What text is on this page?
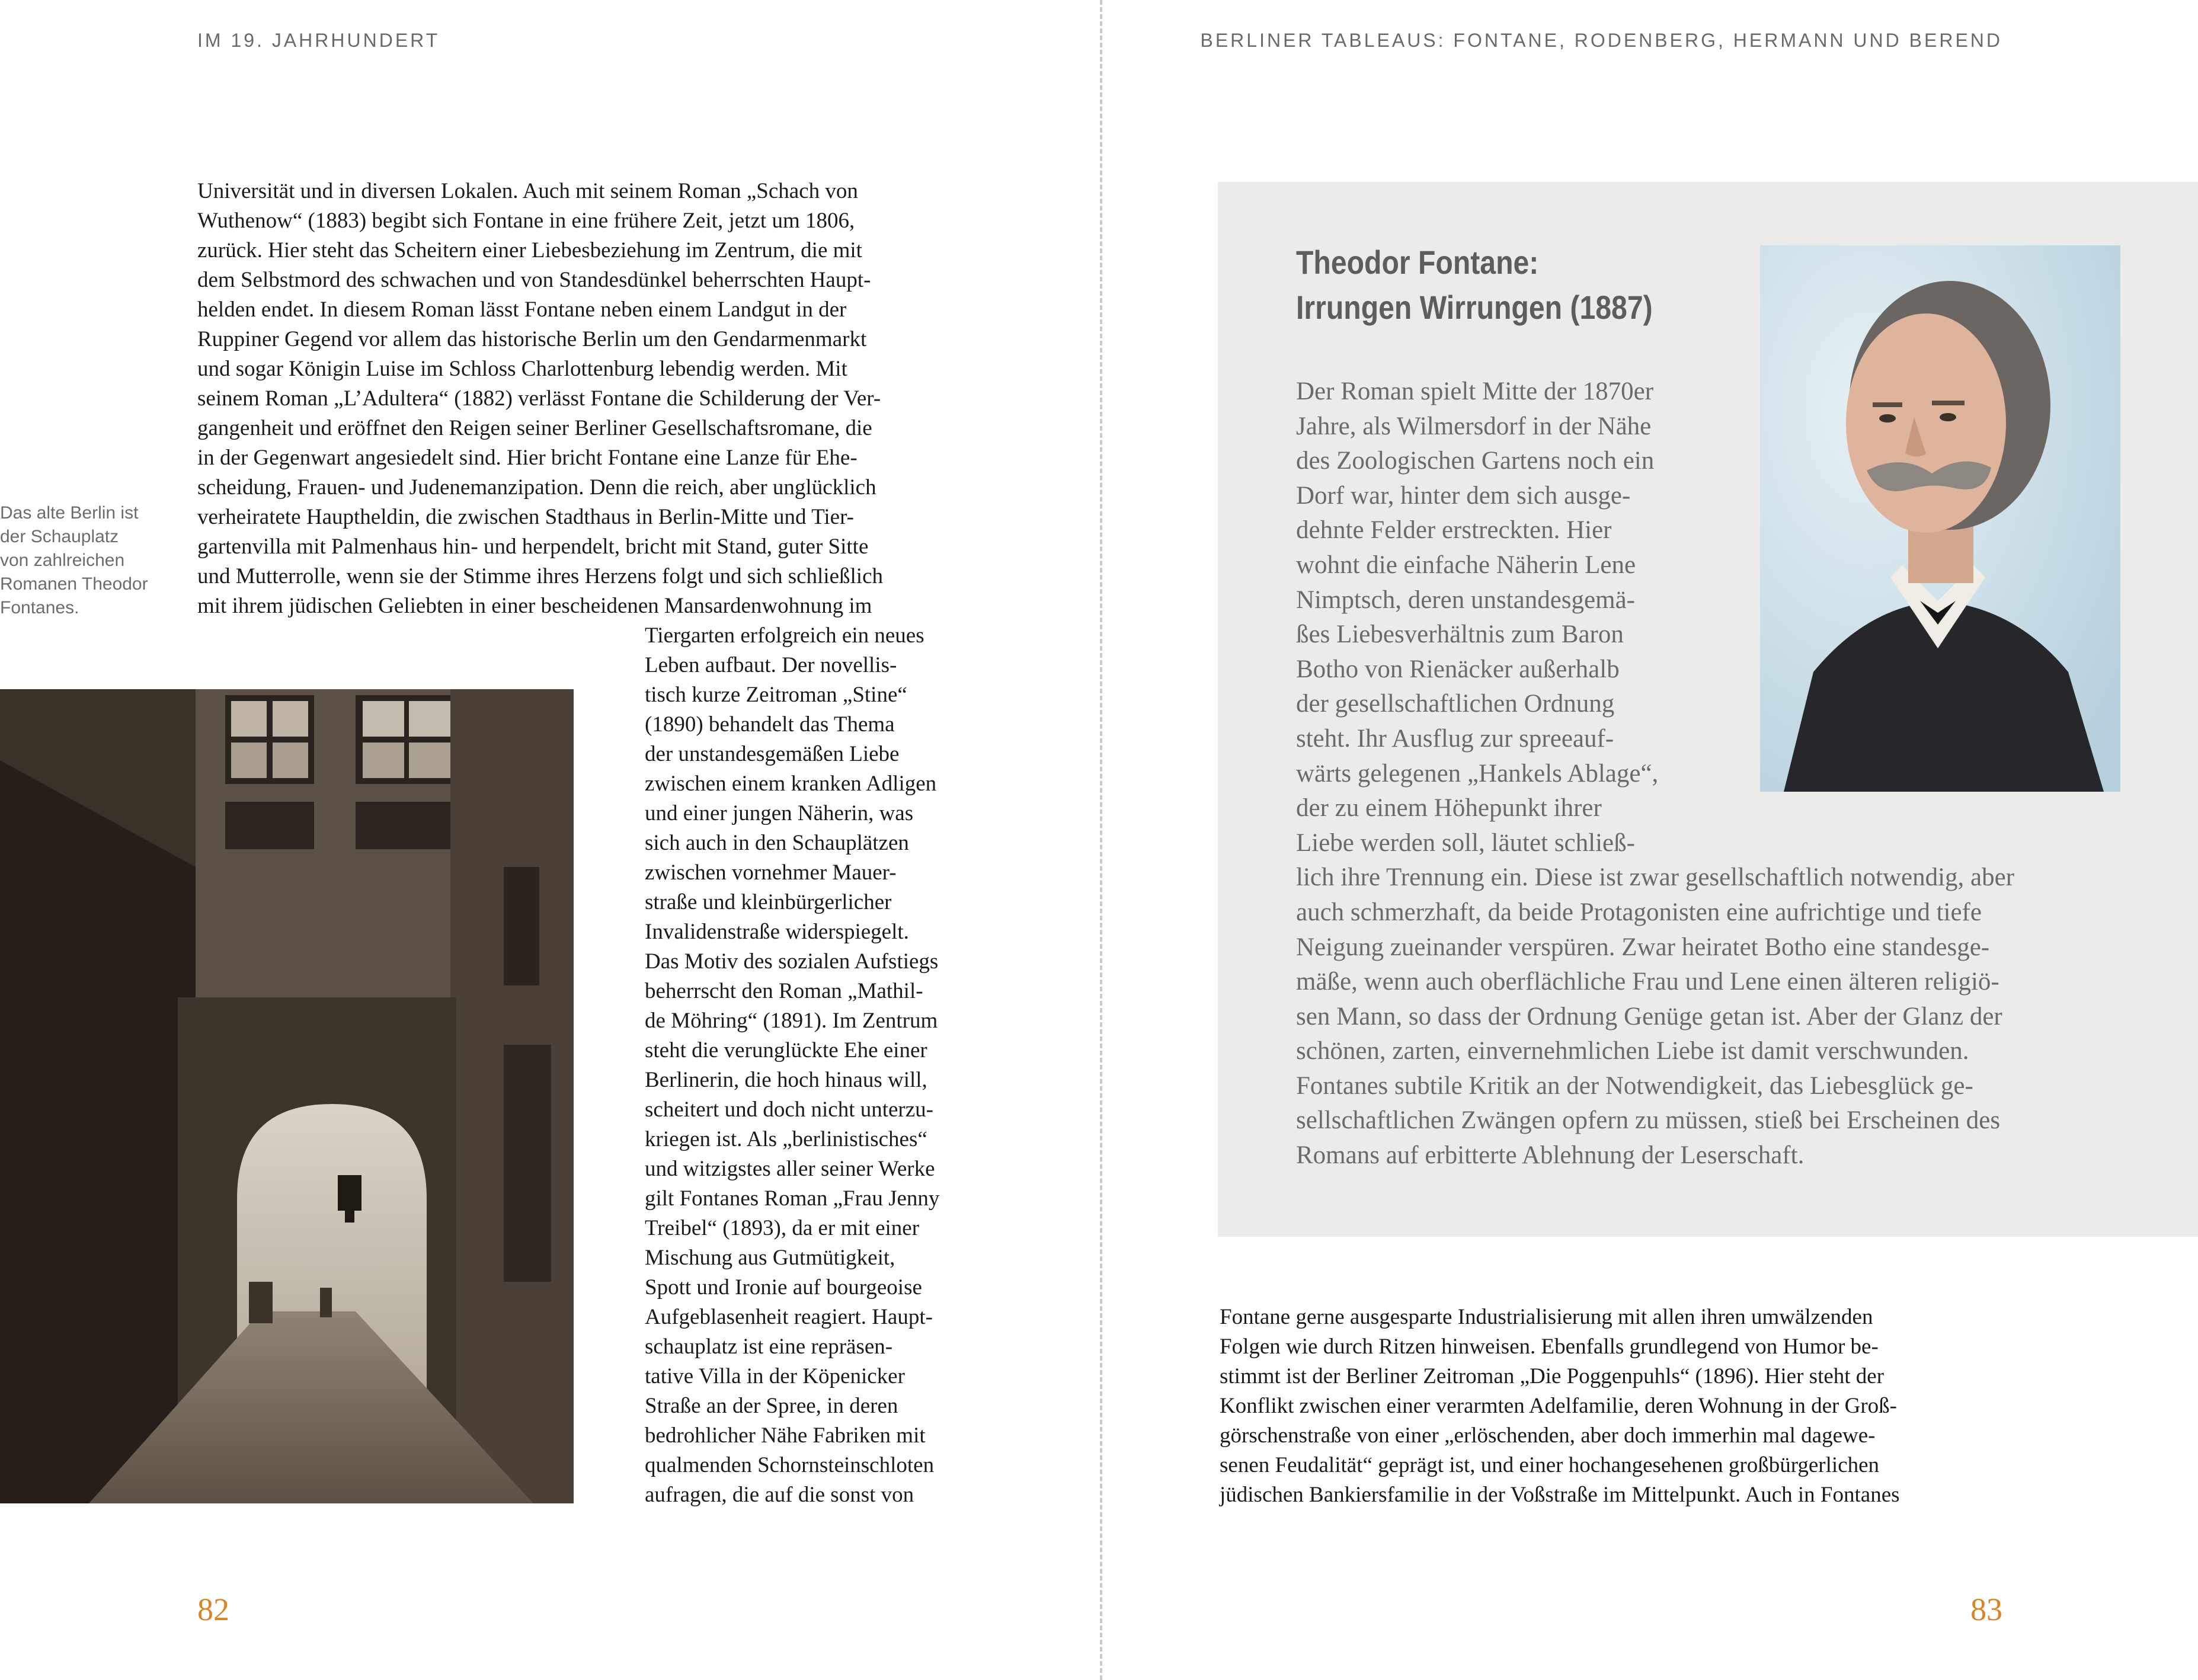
IM 19. JAHRHUNDERT	BERLINER TABLEAUS: FONTANE, RODENBERG, HERMANN UND BEREND
Das alte Berlin ist
der Schauplatz
von zahlreichen
Romanen Theodor
Fontanes.
Universität und in diversen Lokalen. Auch mit seinem Roman „Schach von
Wuthenow“ (1883) begibt sich Fontane in eine frühere Zeit, jetzt um 1806,
zurück. Hier steht das Scheitern einer Liebesbeziehung im Zentrum, die mit
dem Selbstmord des schwachen und von Standesdünkel beherrschten Haupt-
helden endet. In diesem Roman lässt Fontane neben einem Landgut in der
Ruppiner Gegend vor allem das historische Berlin um den Gendarmenmarkt
und sogar Königin Luise im Schloss Charlottenburg lebendig werden. Mit
seinem Roman „L’Adultera“ (1882) verlässt Fontane die Schilderung der Ver-
gangenheit und eröffnet den Reigen seiner Berliner Gesellschaftsromane, die
in der Gegenwart angesiedelt sind. Hier bricht Fontane eine Lanze für Ehe-
scheidung, Frauen- und Judenemanzipation. Denn die reich, aber unglücklich
verheiratete Hauptheldin, die zwischen Stadthaus in Berlin-Mitte und Tier-
gartenvilla mit Palmenhaus hin- und herpendelt, bricht mit Stand, guter Sitte
und Mutterrolle, wenn sie der Stimme ihres Herzens folgt und sich schließlich
mit ihrem jüdischen Geliebten in einer bescheidenen Mansardenwohnung im
Tiergarten erfolgreich ein neues
Leben aufbaut. Der novellis-
tisch kurze Zeitroman „Stine“
(1890) behandelt das Thema
der unstandesgemäßen Liebe
zwischen einem kranken Adligen
und einer jungen Näherin, was
sich auch in den Schauplätzen
zwischen vornehmer Mauer-
straße und kleinbürgerlicher
Invalidenstraße widerspiegelt.
Das Motiv des sozialen Aufstiegs
beherrscht den Roman „Mathil-
de Möhring“ (1891). Im Zentrum
steht die verunglückte Ehe einer
Berlinerin, die hoch hinaus will,
scheitert und doch nicht unterzu-
kriegen ist. Als „berlinistisches“
und witzigstes aller seiner Werke
gilt Fontanes Roman „Frau Jenny
Treibel“ (1893), da er mit einer
Mischung aus Gutmütigkeit,
Spott und Ironie auf bourgeoise
Aufgeblasenheit reagiert. Haupt-
schauplatz ist eine repräsen-
tative Villa in der Köpenicker
Straße an der Spree, in deren
bedrohlicher Nähe Fabriken mit
qualmenden Schornsteinschloten
aufragen, die auf die sonst von
82
Theodor Fontane:
Irrungen Wirrungen (1887)
Der Roman spielt Mitte der 1870er
Jahre, als Wilmersdorf in der Nähe
des Zoologischen Gartens noch ein
Dorf war, hinter dem sich ausge-
dehnte Felder erstreckten. Hier
wohnt die einfache Näherin Lene
Nimptsch, deren unstandesgemä-
ßes Liebesverhältnis zum Baron
Botho von Rienäcker außerhalb
der gesellschaftlichen Ordnung
steht. Ihr Ausflug zur spreeauf-
wärts gelegenen „Hankels Ablage“,
der zu einem Höhepunkt ihrer
Liebe werden soll, läutet schließ-
lich ihre Trennung ein. Diese ist zwar gesellschaftlich notwendig, aber
auch schmerzhaft, da beide Protagonisten eine aufrichtige und tiefe
Neigung zueinander verspüren. Zwar heiratet Botho eine standesge-
mäße, wenn auch oberflächliche Frau und Lene einen älteren religiö-
sen Mann, so dass der Ordnung Genüge getan ist. Aber der Glanz der
schönen, zarten, einvernehmlichen Liebe ist damit verschwunden.
Fontanes subtile Kritik an der Notwendigkeit, das Liebesglück ge-
sellschaftlichen Zwängen opfern zu müssen, stieß bei Erscheinen des
Romans auf erbitterte Ablehnung der Leserschaft.
Fontane gerne ausgesparte Industrialisierung mit allen ihren umwälzenden
Folgen wie durch Ritzen hinweisen. Ebenfalls grundlegend von Humor be-
stimmt ist der Berliner Zeitroman „Die Poggenpuhls“ (1896). Hier steht der
Konflikt zwischen einer verarmten Adelfamilie, deren Wohnung in der Groß-
görschenstraße von einer „erlöschenden, aber doch immerhin mal dagewe-
senen Feudalität“ geprägt ist, und einer hochangesehenen großbürgerlichen
jüdischen Bankiersfamilie in der Voßstraße im Mittelpunkt. Auch in Fontanes
83
